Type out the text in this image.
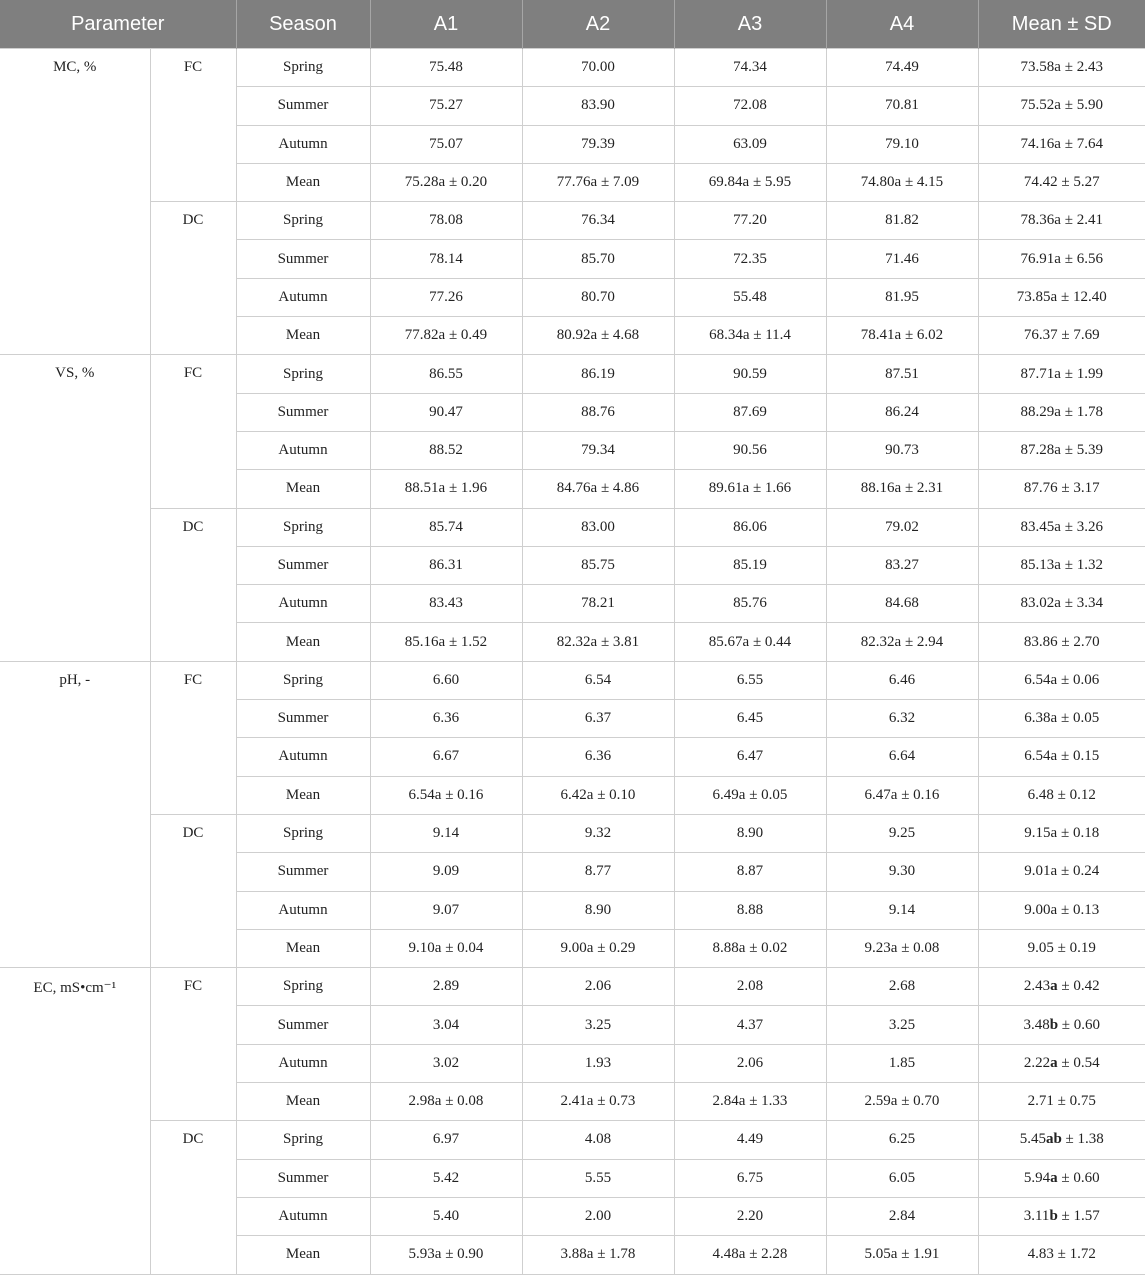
Parameter		Season	A1	A2	A3	A4	Mean ± SD
MC, %	FC	Spring	75.48	70.00	74.34	74.49	73.58a ± 2.43
		Summer	75.27	83.90	72.08	70.81	75.52a ± 5.90
		Autumn	75.07	79.39	63.09	79.10	74.16a ± 7.64
		Mean	75.28a ± 0.20	77.76a ± 7.09	69.84a ± 5.95	74.80a ± 4.15	74.42 ± 5.27
	DC	Spring	78.08	76.34	77.20	81.82	78.36a ± 2.41
		Summer	78.14	85.70	72.35	71.46	76.91a ± 6.56
		Autumn	77.26	80.70	55.48	81.95	73.85a ± 12.40
		Mean	77.82a ± 0.49	80.92a ± 4.68	68.34a ± 11.4	78.41a ± 6.02	76.37 ± 7.69
VS, %	FC	Spring	86.55	86.19	90.59	87.51	87.71a ± 1.99
		Summer	90.47	88.76	87.69	86.24	88.29a ± 1.78
		Autumn	88.52	79.34	90.56	90.73	87.28a ± 5.39
		Mean	88.51a ± 1.96	84.76a ± 4.86	89.61a ± 1.66	88.16a ± 2.31	87.76 ± 3.17
	DC	Spring	85.74	83.00	86.06	79.02	83.45a ± 3.26
		Summer	86.31	85.75	85.19	83.27	85.13a ± 1.32
		Autumn	83.43	78.21	85.76	84.68	83.02a ± 3.34
		Mean	85.16a ± 1.52	82.32a ± 3.81	85.67a ± 0.44	82.32a ± 2.94	83.86 ± 2.70
pH, -	FC	Spring	6.60	6.54	6.55	6.46	6.54a ± 0.06
		Summer	6.36	6.37	6.45	6.32	6.38a ± 0.05
		Autumn	6.67	6.36	6.47	6.64	6.54a ± 0.15
		Mean	6.54a ± 0.16	6.42a ± 0.10	6.49a ± 0.05	6.47a ± 0.16	6.48 ± 0.12
	DC	Spring	9.14	9.32	8.90	9.25	9.15a ± 0.18
		Summer	9.09	8.77	8.87	9.30	9.01a ± 0.24
		Autumn	9.07	8.90	8.88	9.14	9.00a ± 0.13
		Mean	9.10a ± 0.04	9.00a ± 0.29	8.88a ± 0.02	9.23a ± 0.08	9.05 ± 0.19
EC, mS•cm⁻¹	FC	Spring	2.89	2.06	2.08	2.68	2.43a ± 0.42
		Summer	3.04	3.25	4.37	3.25	3.48b ± 0.60
		Autumn	3.02	1.93	2.06	1.85	2.22a ± 0.54
		Mean	2.98a ± 0.08	2.41a ± 0.73	2.84a ± 1.33	2.59a ± 0.70	2.71 ± 0.75
	DC	Spring	6.97	4.08	4.49	6.25	5.45ab ± 1.38
		Summer	5.42	5.55	6.75	6.05	5.94a ± 0.60
		Autumn	5.40	2.00	2.20	2.84	3.11b ± 1.57
		Mean	5.93a ± 0.90	3.88a ± 1.78	4.48a ± 2.28	5.05a ± 1.91	4.83 ± 1.72
